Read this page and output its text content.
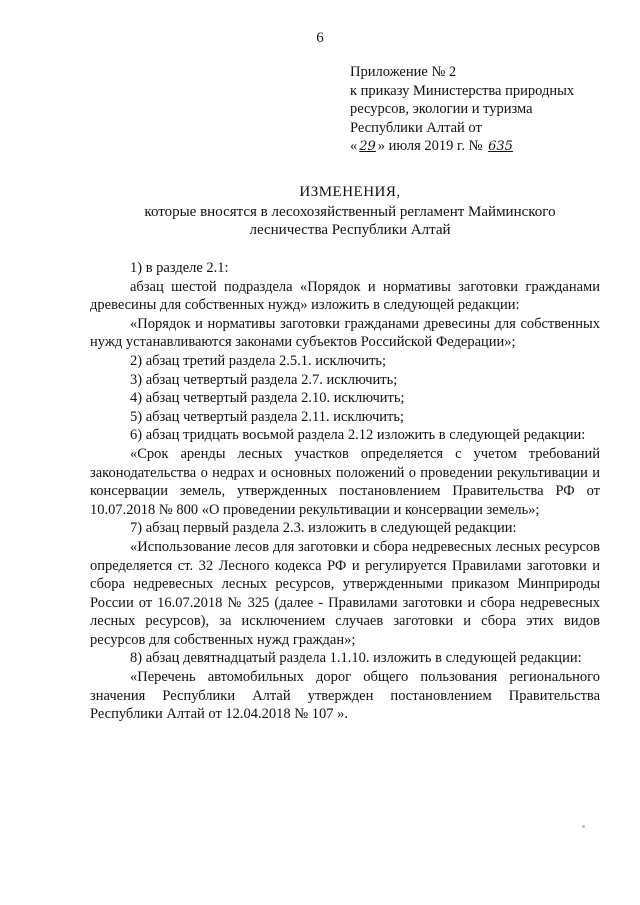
6
Приложение № 2
к приказу Министерства природных
ресурсов, экологии и туризма
Республики Алтай от
« 29 » июля 2019 г. № 635
ИЗМЕНЕНИЯ,
которые вносятся в лесохозяйственный регламент Майминского
лесничества Республики Алтай

1) в разделе 2.1:

абзац шестой подраздела «Порядок и нормативы заготовки гражданами древесины для собственных нужд» изложить в следующей редакции:

«Порядок и нормативы заготовки гражданами древесины для собственных нужд устанавливаются законами субъектов Российской Федерации»;

2) абзац третий раздела 2.5.1. исключить;

3) абзац четвертый раздела 2.7. исключить;

4) абзац четвертый раздела 2.10. исключить;

5) абзац четвертый раздела 2.11. исключить;

6) абзац тридцать восьмой раздела 2.12 изложить в следующей редакции:

«Срок аренды лесных участков определяется с учетом требований законодательства о недрах и основных положений о проведении рекультивации и консервации земель, утвержденных постановлением Правительства РФ от 10.07.2018 № 800 «О проведении рекультивации и консервации земель»;

7) абзац первый раздела 2.3. изложить в следующей редакции:

«Использование лесов для заготовки и сбора недревесных лесных ресурсов определяется ст. 32 Лесного кодекса РФ и регулируется Правилами заготовки и сбора недревесных лесных ресурсов, утвержденными приказом Минприроды России от 16.07.2018 № 325 (далее - Правилами заготовки и сбора недревесных лесных ресурсов), за исключением случаев заготовки и сбора этих видов ресурсов для собственных нужд граждан»;

8) абзац девятнадцатый раздела 1.1.10. изложить в следующей редакции:

«Перечень автомобильных дорог общего пользования регионального значения Республики Алтай утвержден постановлением Правительства Республики Алтай от 12.04.2018 № 107 ».
